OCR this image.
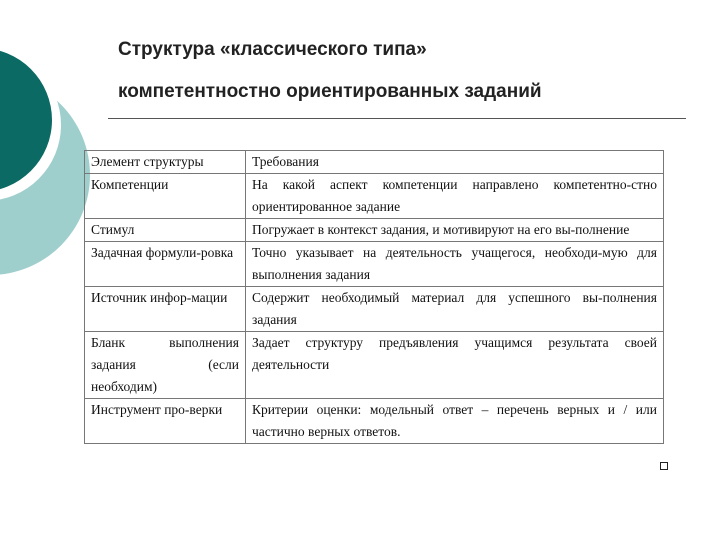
Структура «классического типа»
компетентностно ориентированных заданий
Элемент структуры	Требования
Компетенции	На какой аспект компетенции направлено компетентно-стно ориентированное задание
Стимул	Погружает в контекст задания, и мотивируют на его вы-полнение
Задачная формули-ровка	Точно указывает на деятельность учащегося, необходи-мую для выполнения задания
Источник инфор-мации	Содержит необходимый материал для успешного вы-полнения задания
Бланк выполнения задания (если необходим)	Задает структуру предъявления учащимся результата своей деятельности
Инструмент про-верки	Критерии оценки: модельный ответ – перечень верных и / или частично верных ответов.
